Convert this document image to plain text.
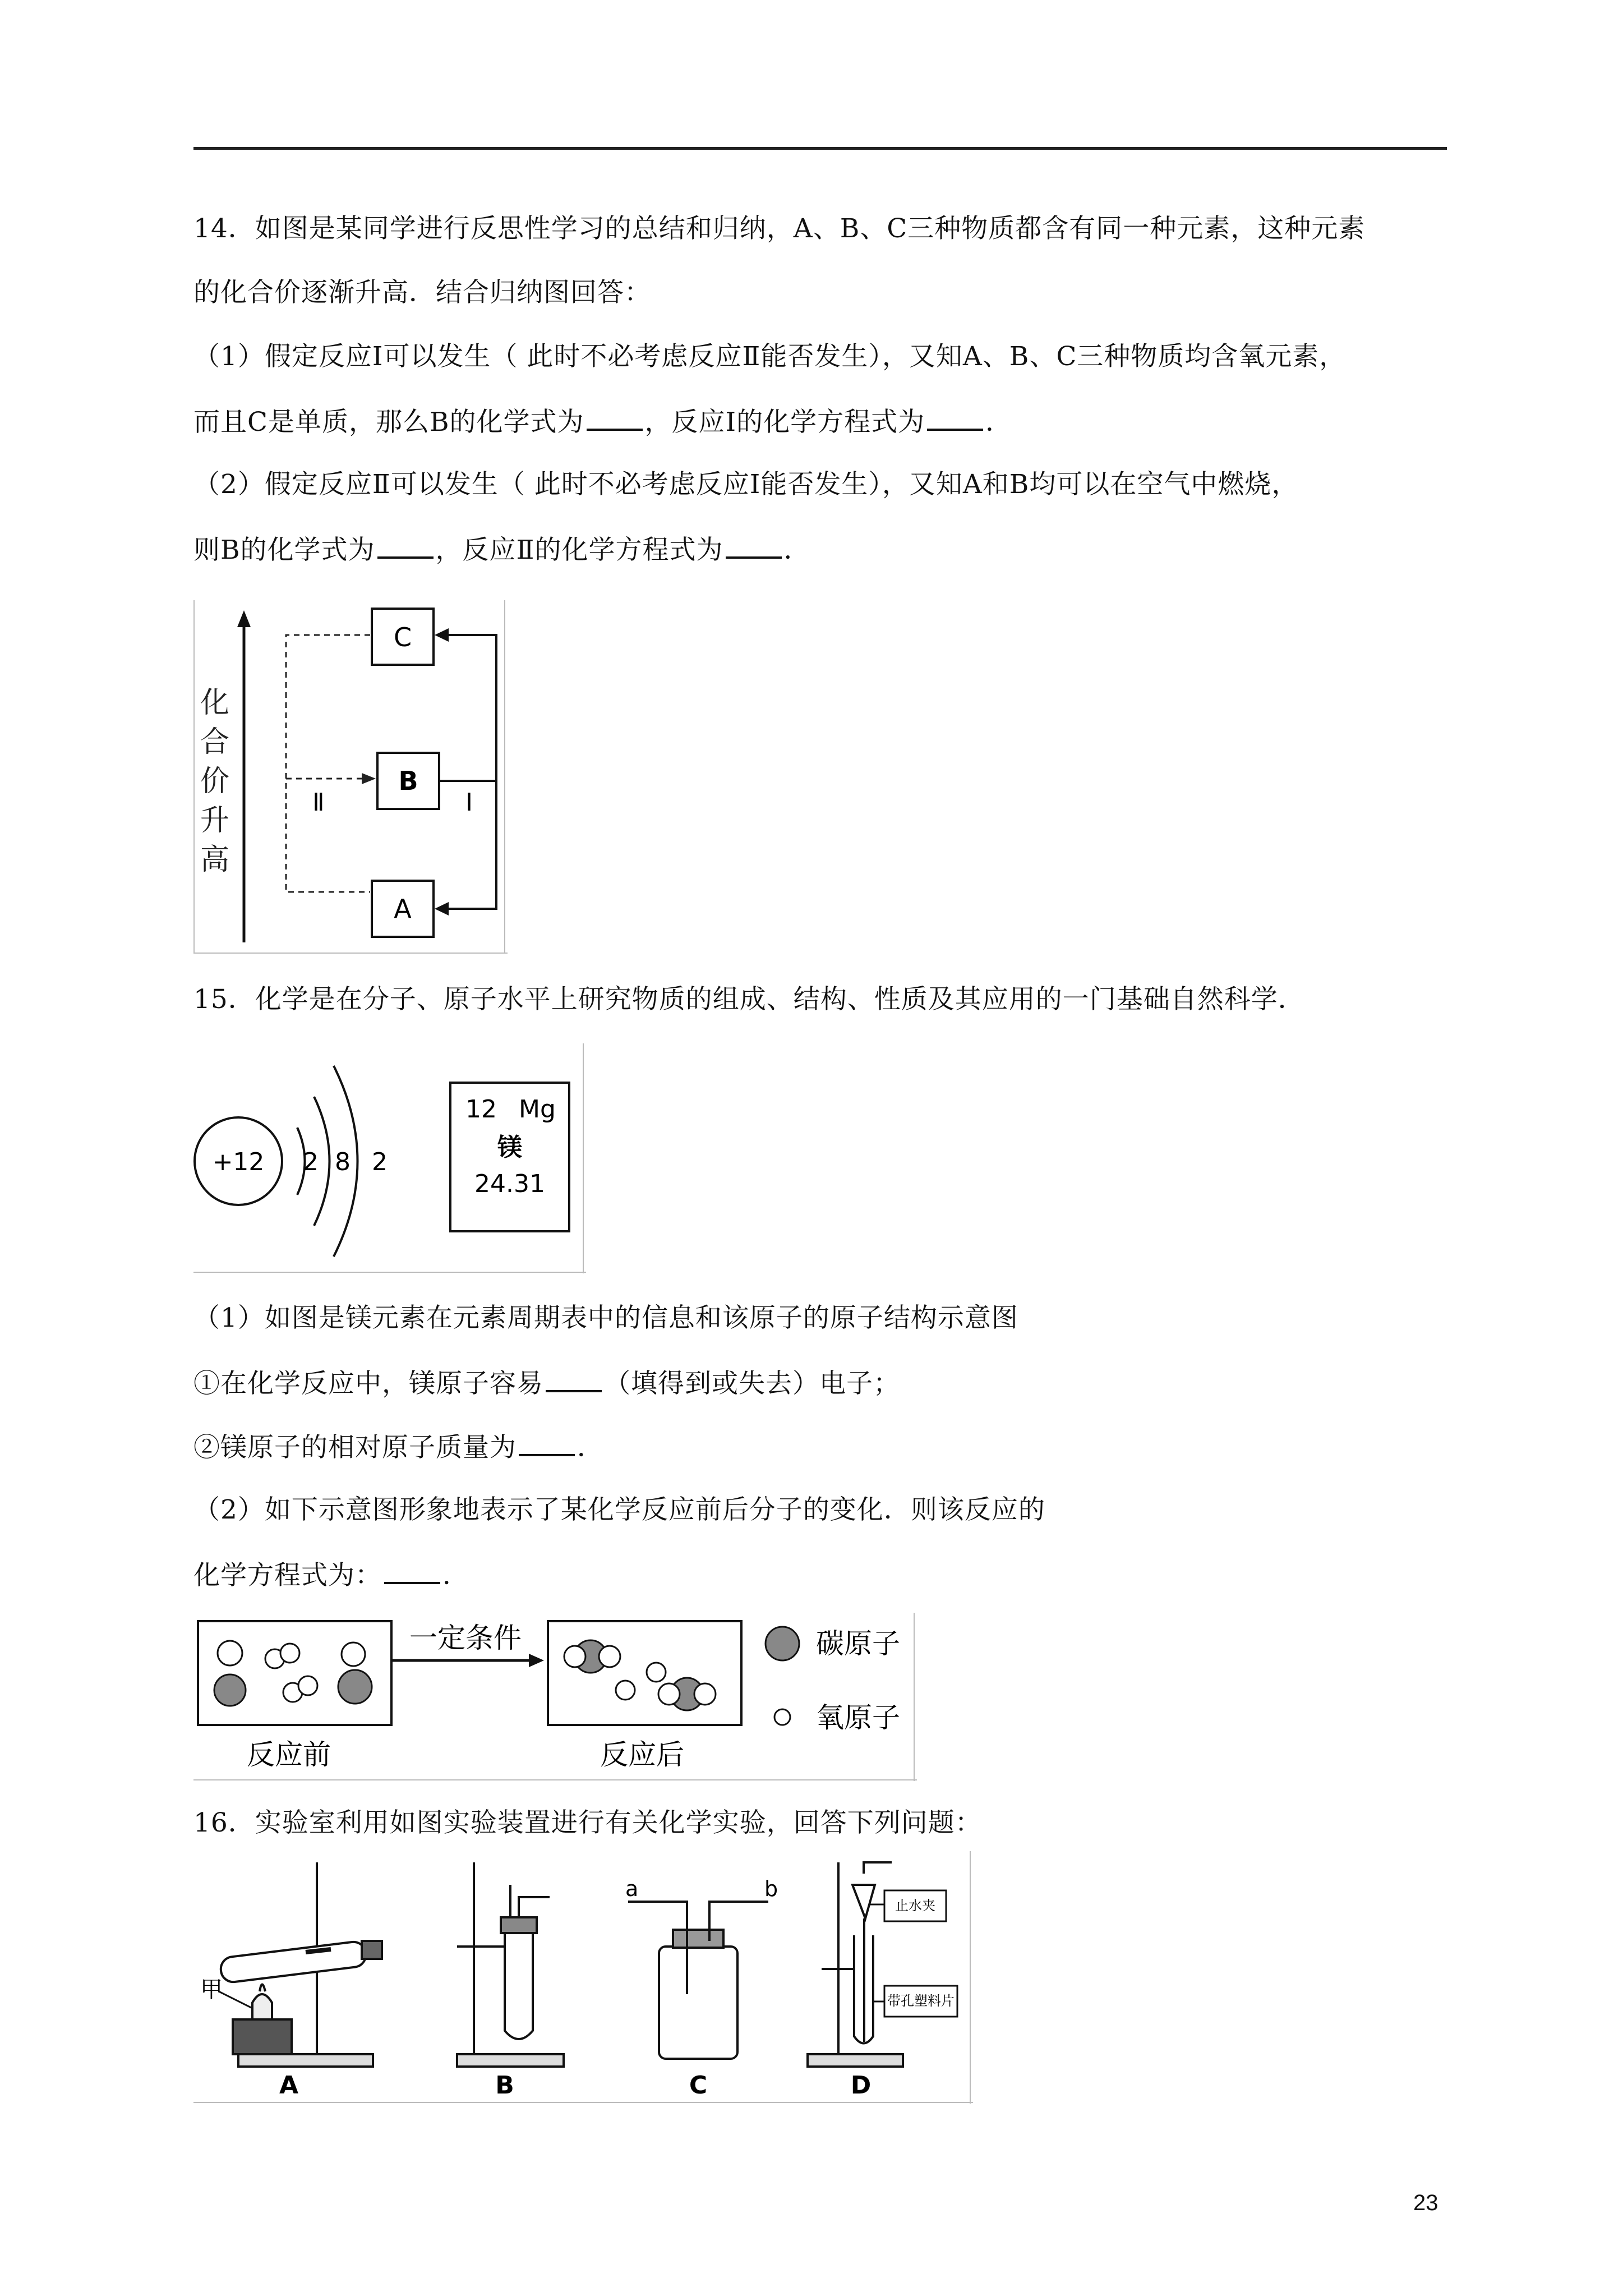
14．如图是某同学进行反思性学习的总结和归纳，A、B、C三种物质都含有同一种元素，这种元素
的化合价逐渐升高．结合归纳图回答：
（1）假定反应Ⅰ可以发生（ 此时不必考虑反应Ⅱ能否发生），又知A、B、C三种物质均含氧元素，
而且C是单质，那么B的化学式为 ，反应Ⅰ的化学方程式为 ．
（2）假定反应Ⅱ可以发生（ 此时不必考虑反应Ⅰ能否发生），又知A和B均可以在空气中燃烧，
则B的化学式为 ，反应Ⅱ的化学方程式为 ．
化
合
价
升
高
C
B
A
Ⅱ	Ⅰ
15．化学是在分子、原子水平上研究物质的组成、结构、性质及其应用的一门基础自然科学．
+12 2 8 2
12 Mg
镁
24.31
（1）如图是镁元素在元素周期表中的信息和该原子的原子结构示意图
①在化学反应中，镁原子容易 （填得到或失去）电子；
②镁原子的相对原子质量为 ．
（2）如下示意图形象地表示了某化学反应前后分子的变化．则该反应的
化学方程式为： ．
一定条件
反应前	反应后
碳原子
氧原子
16．实验室利用如图实验装置进行有关化学实验，回答下列问题：
甲
a	b
止水夹
带孔塑料片
A	B	C	D
23
